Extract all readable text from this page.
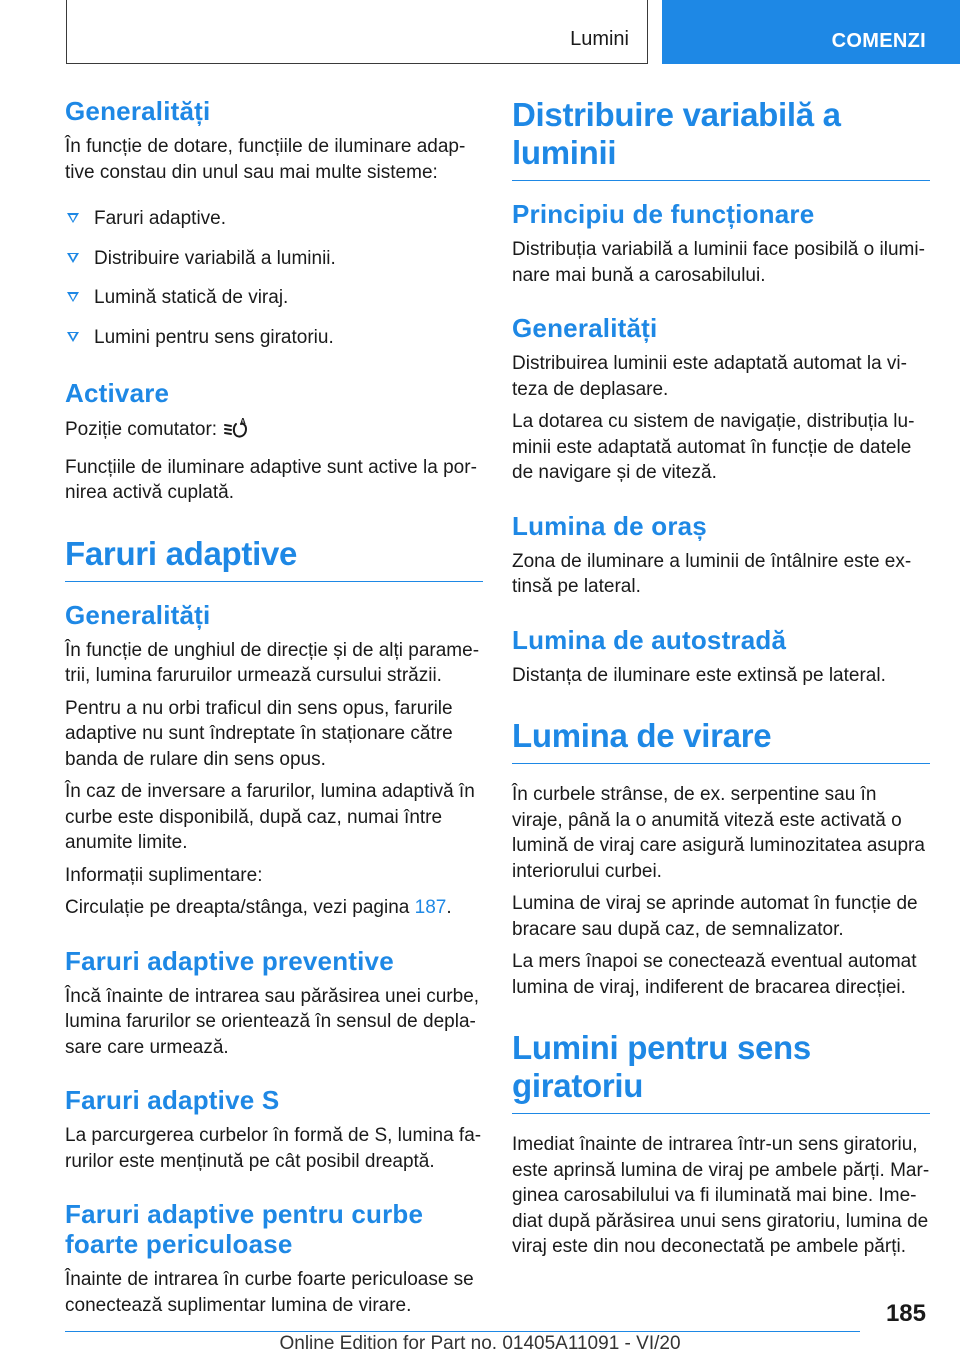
Lumini	COMENZI
Generalități

În funcție de dotare, funcțiile de iluminare adaptive constau din unul sau mai multe sisteme:

Faruri adaptive.
Distribuire variabilă a luminii.
Lumină statică de viraj.
Lumini pentru sens giratoriu.
Activare

Poziție comutator:	A

Funcțiile de iluminare adaptive sunt active la pornirea activă cuplată.

Faruri adaptive
Generalități

În funcție de unghiul de direcție și de alți parametrii, lumina faruruilor urmează cursului străzii.

Pentru a nu orbi traficul din sens opus, farurile adaptive nu sunt îndreptate în staționare către banda de rulare din sens opus.

În caz de inversare a farurilor, lumina adaptivă în curbe este disponibilă, după caz, numai între anumite limite.

Informații suplimentare:

Circulație pe dreapta/stânga, vezi pagina 187.

Faruri adaptive preventive

Încă înainte de intrarea sau părăsirea unei curbe, lumina farurilor se orientează în sensul de deplasare care urmează.

Faruri adaptive S

La parcurgerea curbelor în formă de S, lumina farurilor este menținută pe cât posibil dreaptă.

Faruri adaptive pentru curbe foarte periculoase

Înainte de intrarea în curbe foarte periculoase se conectează suplimentar lumina de virare.

Distribuire variabilă a luminii
Principiu de funcționare

Distribuția variabilă a luminii face posibilă o iluminare mai bună a carosabilului.

Generalități

Distribuirea luminii este adaptată automat la viteza de deplasare.

La dotarea cu sistem de navigație, distribuția luminii este adaptată automat în funcție de datele de navigare și de viteză.

Lumina de oraș

Zona de iluminare a luminii de întâlnire este extinsă pe lateral.

Lumina de autostradă

Distanța de iluminare este extinsă pe lateral.

Lumina de virare

În curbele strânse, de ex. serpentine sau în viraje, până la o anumită viteză este activată o lumină de viraj care asigură luminozitatea asupra interiorului curbei.

Lumina de viraj se aprinde automat în funcție de bracare sau după caz, de semnalizator.

La mers înapoi se conectează eventual automat lumina de viraj, indiferent de bracarea direcției.

Lumini pentru sens giratoriu

Imediat înainte de intrarea într-un sens giratoriu, este aprinsă lumina de viraj pe ambele părți. Marginea carosabilului va fi iluminată mai bine. Imediat după părăsirea unui sens giratoriu, lumina de viraj este din nou deconectată pe ambele părți.

185
Online Edition for Part no. 01405A11091 - VI/20
